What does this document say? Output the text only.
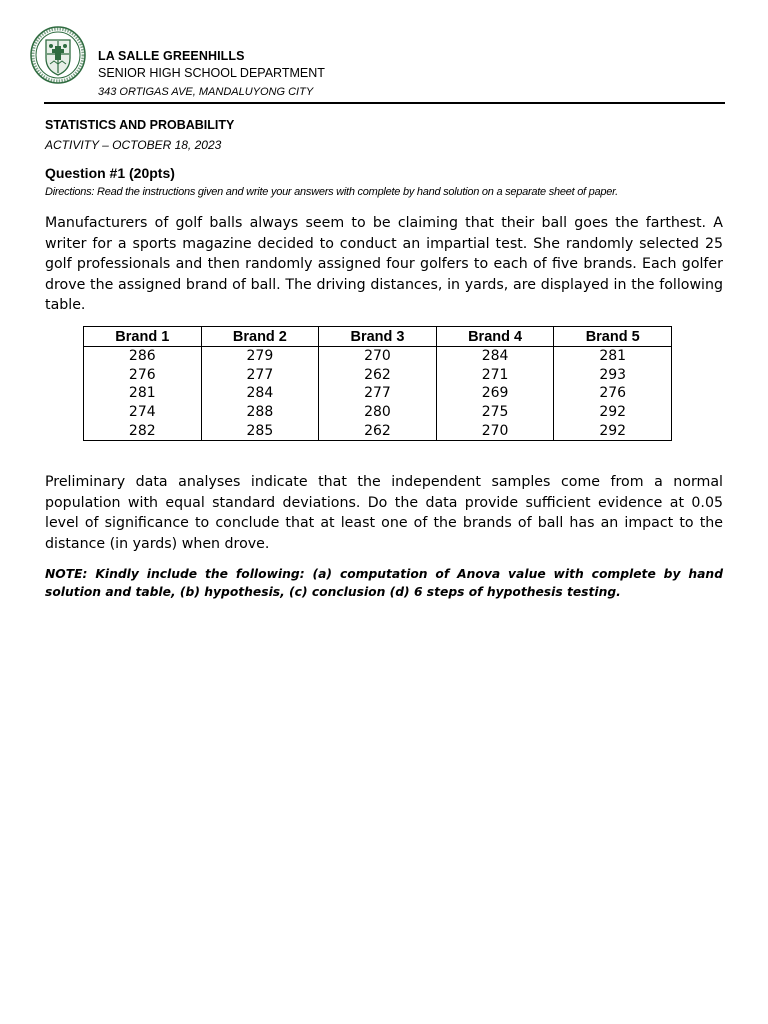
LA SALLE GREENHILLS

SENIOR HIGH SCHOOL DEPARTMENT

343 ORTIGAS AVE, MANDALUYONG CITY

STATISTICS AND PROBABILITY
ACTIVITY – OCTOBER 18, 2023
Question #1 (20pts)
Directions: Read the instructions given and write your answers with complete by hand solution on a separate sheet of paper.

Manufacturers of golf balls always seem to be claiming that their ball goes the farthest. A writer for a sports magazine decided to conduct an impartial test. She randomly selected 25 golf professionals and then randomly assigned four golfers to each of five brands. Each golfer drove the assigned brand of ball. The driving distances, in yards, are displayed in the following table.

Brand 1	Brand 2	Brand 3	Brand 4	Brand 5
286	279	270	284	281
276	277	262	271	293
281	284	277	269	276
274	288	280	275	292
282	285	262	270	292

Preliminary data analyses indicate that the independent samples come from a normal population with equal standard deviations. Do the data provide sufficient evidence at 0.05 level of significance to conclude that at least one of the brands of ball has an impact to the distance (in yards) when drove.

NOTE: Kindly include the following: (a) computation of Anova value with complete by hand solution and table, (b) hypothesis, (c) conclusion (d) 6 steps of hypothesis testing.
